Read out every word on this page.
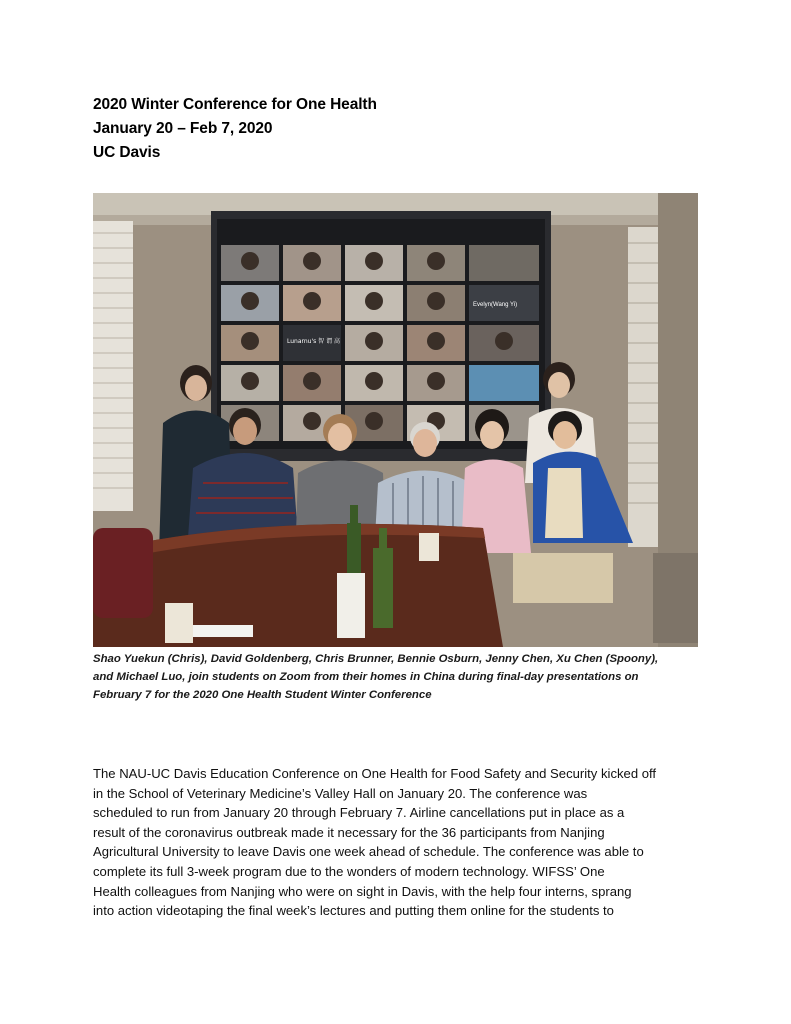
2020 Winter Conference for One Health
January 20 – Feb 7, 2020
UC Davis
Evelyn(Wang Yi)
Lunarnu's 智 谓 高
Shao Yuekun (Chris), David Goldenberg, Chris Brunner, Bennie Osburn, Jenny Chen, Xu Chen (Spoony),
and Michael Luo, join students on Zoom from their homes in China during final-day presentations on
February 7 for the 2020 One Health Student Winter Conference
The NAU-UC Davis Education Conference on One Health for Food Safety and Security kicked off
in the School of Veterinary Medicine’s Valley Hall on January 20. The conference was
scheduled to run from January 20 through February 7. Airline cancellations put in place as a
result of the coronavirus outbreak made it necessary for the 36 participants from Nanjing
Agricultural University to leave Davis one week ahead of schedule. The conference was able to
complete its full 3-week program due to the wonders of modern technology. WIFSS’ One
Health colleagues from Nanjing who were on sight in Davis, with the help four interns, sprang
into action videotaping the final week’s lectures and putting them online for the students to
